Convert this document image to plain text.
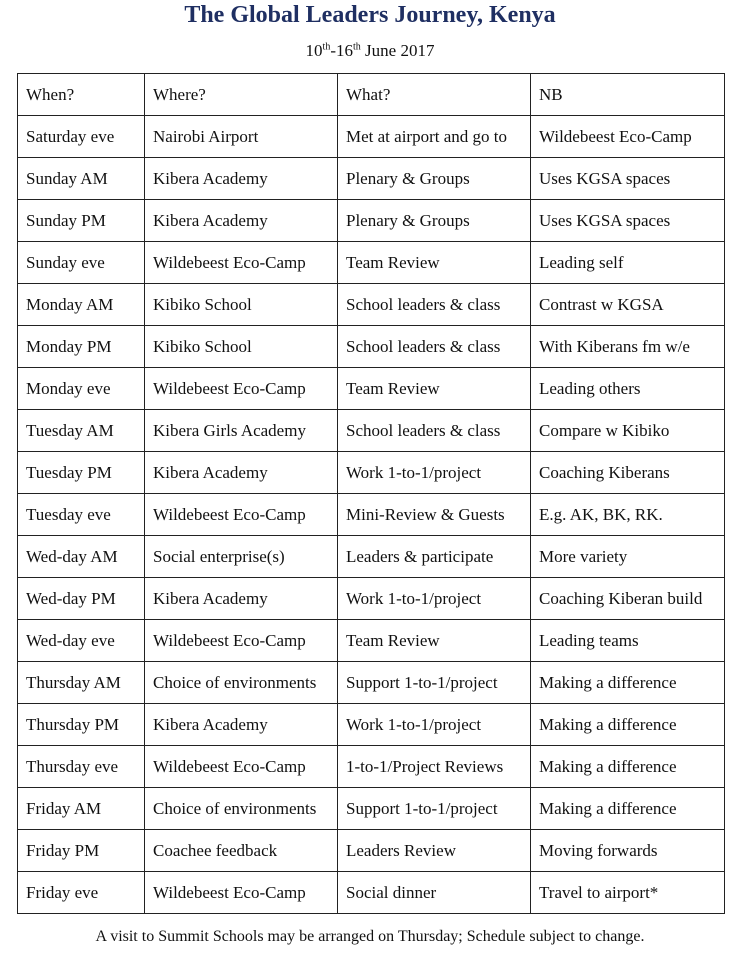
The Global Leaders Journey, Kenya
10th-16th June 2017
When?	Where?	What?	NB
Saturday eve	Nairobi Airport	Met at airport and go to	Wildebeest Eco-Camp
Sunday AM	Kibera Academy	Plenary & Groups	Uses KGSA spaces
Sunday PM	Kibera Academy	Plenary & Groups	Uses KGSA spaces
Sunday eve	Wildebeest Eco-Camp	Team Review	Leading self
Monday AM	Kibiko School	School leaders & class	Contrast w KGSA
Monday PM	Kibiko School	School leaders & class	With Kiberans fm w/e
Monday eve	Wildebeest Eco-Camp	Team Review	Leading others
Tuesday AM	Kibera Girls Academy	School leaders & class	Compare w Kibiko
Tuesday PM	Kibera Academy	Work 1-to-1/project	Coaching Kiberans
Tuesday eve	Wildebeest Eco-Camp	Mini-Review & Guests	E.g. AK, BK, RK.
Wed-day AM	Social enterprise(s)	Leaders & participate	More variety
Wed-day PM	Kibera Academy	Work 1-to-1/project	Coaching Kiberan build
Wed-day eve	Wildebeest Eco-Camp	Team Review	Leading teams
Thursday AM	Choice of environments	Support 1-to-1/project	Making a difference
Thursday PM	Kibera Academy	Work 1-to-1/project	Making a difference
Thursday eve	Wildebeest Eco-Camp	1-to-1/Project Reviews	Making a difference
Friday AM	Choice of environments	Support 1-to-1/project	Making a difference
Friday PM	Coachee feedback	Leaders Review	Moving forwards
Friday eve	Wildebeest Eco-Camp	Social dinner	Travel to airport*
A visit to Summit Schools may be arranged on Thursday; Schedule subject to change.
